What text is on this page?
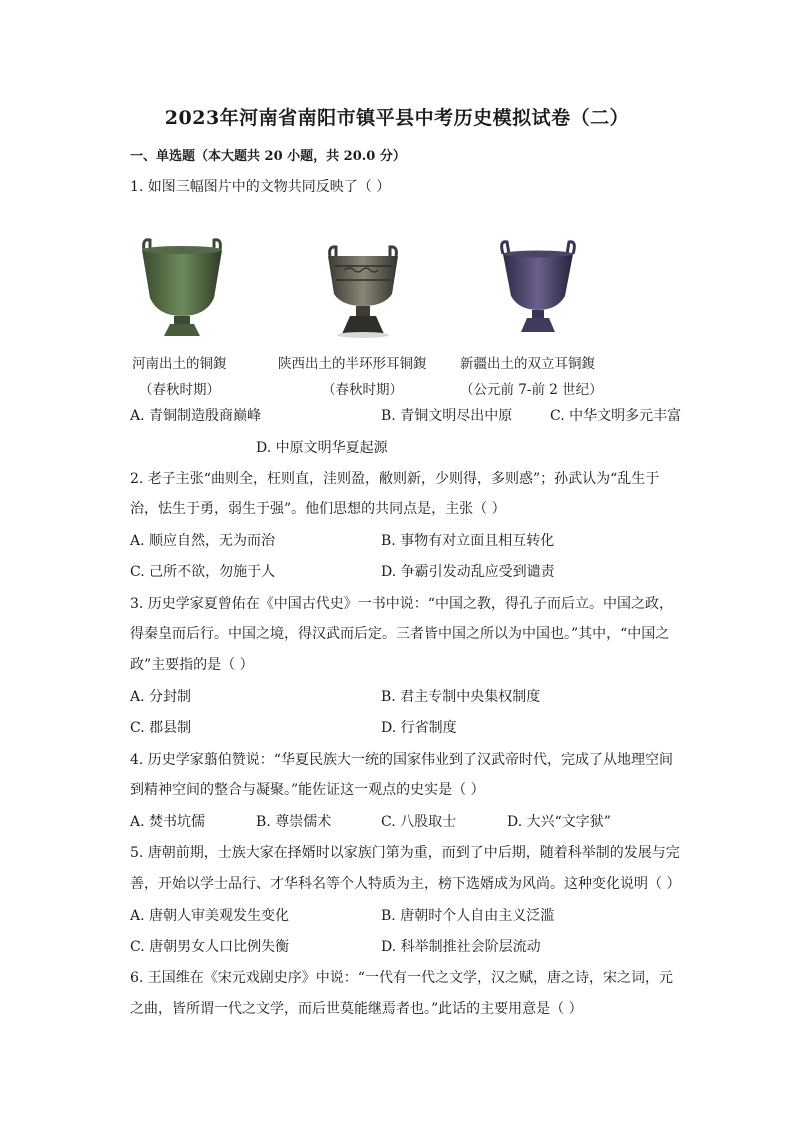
2023年河南省南阳市镇平县中考历史模拟试卷（二）
一、单选题（本大题共 20 小题，共 20.0 分）
1. 如图三幅图片中的文物共同反映了（ ）
河南出土的铜鍑	陕西出土的半环形耳铜鍑 新疆出土的双立耳铜鍑
（春秋时期）	（春秋时期）	（公元前 7-前 2 世纪）
A. 青铜制造殷商巅峰	B. 青铜文明尽出中原	C. 中华文明多元丰富
D. 中原文明华夏起源
2. 老子主张“曲则全，枉则直，洼则盈，敝则新，少则得，多则惑”；孙武认为“乱生于
治，怯生于勇，弱生于强”。他们思想的共同点是，主张（ ）
A. 顺应自然，无为而治	B. 事物有对立面且相互转化
C. 己所不欲，勿施于人	D. 争霸引发动乱应受到谴责
3. 历史学家夏曾佑在《中国古代史》一书中说：“中国之教，得孔子而后立。中国之政，
得秦皇而后行。中国之境，得汉武而后定。三者皆中国之所以为中国也。”其中，“中国之
政”主要指的是（ ）
A. 分封制	B. 君主专制中央集权制度
C. 郡县制	D. 行省制度
4. 历史学家翦伯赞说：“华夏民族大一统的国家伟业到了汉武帝时代，完成了从地理空间
到精神空间的整合与凝聚。”能佐证这一观点的史实是（ ）
A. 焚书坑儒	B. 尊崇儒术	C. 八股取士	D. 大兴“文字狱”
5. 唐朝前期，士族大家在择婿时以家族门第为重，而到了中后期，随着科举制的发展与完
善，开始以学士品行、才华科名等个人特质为主，榜下选婿成为风尚。这种变化说明（ ）
A. 唐朝人审美观发生变化	B. 唐朝时个人自由主义泛滥
C. 唐朝男女人口比例失衡	D. 科举制推社会阶层流动
6. 王国维在《宋元戏剧史序》中说：“一代有一代之文学，汉之赋，唐之诗，宋之词，元
之曲，皆所谓一代之文学，而后世莫能继焉者也。”此话的主要用意是（ ）
